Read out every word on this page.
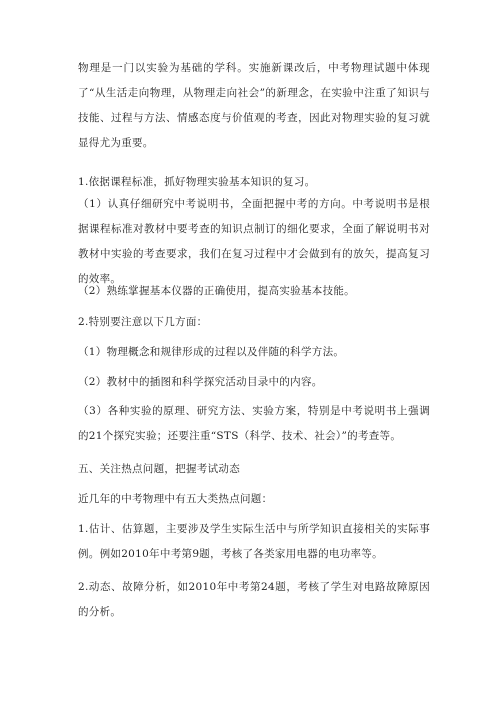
物理是一门以实验为基础的学科。实施新课改后，中考物理试题中体现了“从生活走向物理，从物理走向社会”的新理念，在实验中注重了知识与技能、过程与方法、情感态度与价值观的考查，因此对物理实验的复习就显得尤为重要。

1.依据课程标准，抓好物理实验基本知识的复习。

（1）认真仔细研究中考说明书，全面把握中考的方向。中考说明书是根据课程标准对教材中要考查的知识点制订的细化要求，全面了解说明书对教材中实验的考查要求，我们在复习过程中才会做到有的放矢，提高复习的效率。

（2）熟练掌握基本仪器的正确使用，提高实验基本技能。

2.特别要注意以下几方面：

（1）物理概念和规律形成的过程以及伴随的科学方法。

（2）教材中的插图和科学探究活动目录中的内容。

（3）各种实验的原理、研究方法、实验方案，特别是中考说明书上强调的21个探究实验；还要注重“STS（科学、技术、社会）”的考查等。

五、关注热点问题，把握考试动态

近几年的中考物理中有五大类热点问题：

1.估计、估算题，主要涉及学生实际生活中与所学知识直接相关的实际事例。例如2010年中考第9题，考核了各类家用电器的电功率等。

2.动态、故障分析，如2010年中考第24题，考核了学生对电路故障原因的分析。
